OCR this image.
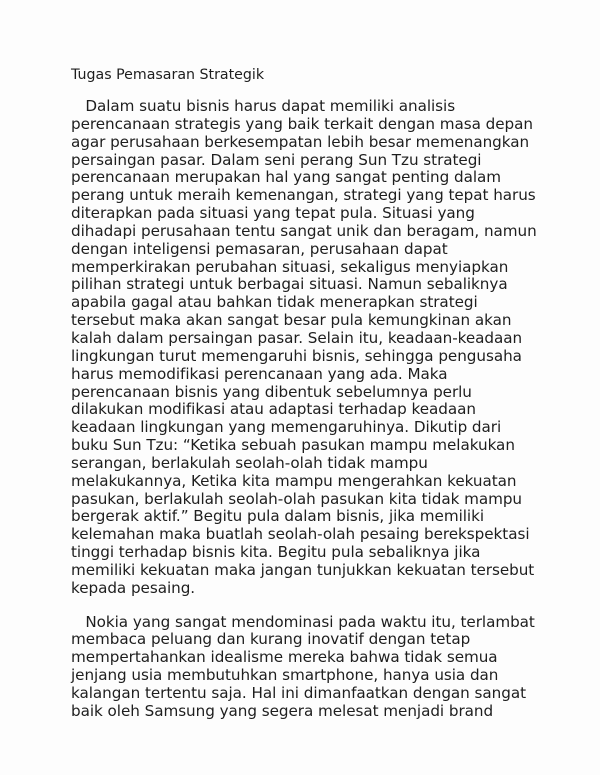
Tugas Pemasaran Strategik
Dalam suatu bisnis harus dapat memiliki analisis
perencanaan strategis yang baik terkait dengan masa depan
agar perusahaan berkesempatan lebih besar memenangkan
persaingan pasar. Dalam seni perang Sun Tzu strategi
perencanaan merupakan hal yang sangat penting dalam
perang untuk meraih kemenangan, strategi yang tepat harus
diterapkan pada situasi yang tepat pula. Situasi yang
dihadapi perusahaan tentu sangat unik dan beragam, namun
dengan inteligensi pemasaran, perusahaan dapat
memperkirakan perubahan situasi, sekaligus menyiapkan
pilihan strategi untuk berbagai situasi. Namun sebaliknya
apabila gagal atau bahkan tidak menerapkan strategi
tersebut maka akan sangat besar pula kemungkinan akan
kalah dalam persaingan pasar. Selain itu, keadaan-keadaan
lingkungan turut memengaruhi bisnis, sehingga pengusaha
harus memodifikasi perencanaan yang ada. Maka
perencanaan bisnis yang dibentuk sebelumnya perlu
dilakukan modifikasi atau adaptasi terhadap keadaan
keadaan lingkungan yang memengaruhinya. Dikutip dari
buku Sun Tzu: “Ketika sebuah pasukan mampu melakukan
serangan, berlakulah seolah-olah tidak mampu
melakukannya, Ketika kita mampu mengerahkan kekuatan
pasukan, berlakulah seolah-olah pasukan kita tidak mampu
bergerak aktif.” Begitu pula dalam bisnis, jika memiliki
kelemahan maka buatlah seolah-olah pesaing berekspektasi
tinggi terhadap bisnis kita. Begitu pula sebaliknya jika
memiliki kekuatan maka jangan tunjukkan kekuatan tersebut
kepada pesaing.
Nokia yang sangat mendominasi pada waktu itu, terlambat
membaca peluang dan kurang inovatif dengan tetap
mempertahankan idealisme mereka bahwa tidak semua
jenjang usia membutuhkan smartphone, hanya usia dan
kalangan tertentu saja. Hal ini dimanfaatkan dengan sangat
baik oleh Samsung yang segera melesat menjadi brand
